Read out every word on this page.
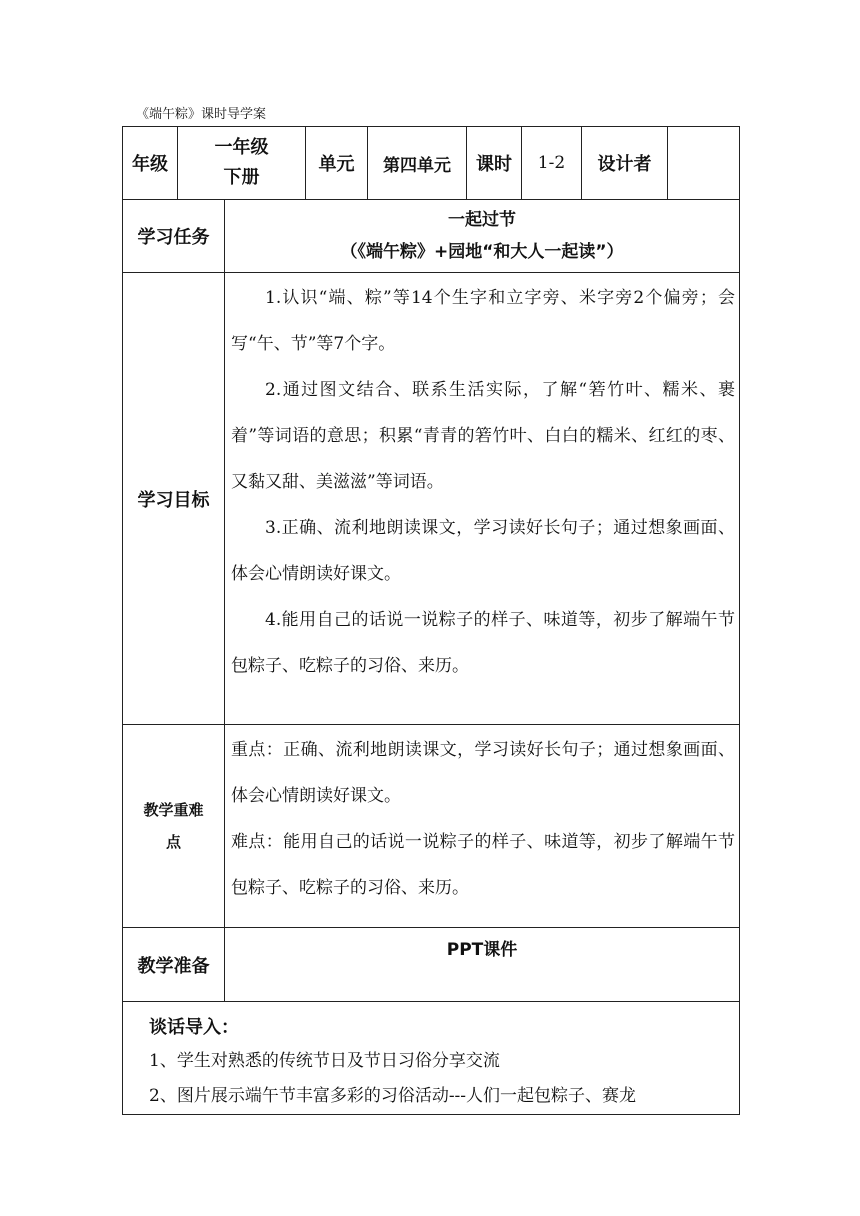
《端午粽》课时导学案
年级	一年级下册		单元	第四单元	课时	1-2	设计者	
学习任务		一起过节
（《端午粽》+园地“和大人一起读”）						

学习目标		1.认识“端、粽”等14个生字和立字旁、米字旁2个偏旁；会写“午、节”等7个字。

2.通过图文结合、联系生活实际，了解“箬竹叶、糯米、裹着”等词语的意思；积累“青青的箬竹叶、白白的糯米、红红的枣、又黏又甜、美滋滋”等词语。

3.正确、流利地朗读课文，学习读好长句子；通过想象画面、体会心情朗读好课文。

4.能用自己的话说一说粽子的样子、味道等，初步了解端午节包粽子、吃粽子的习俗、来历。						

教学重难点		重点：正确、流利地朗读课文，学习读好长句子；通过想象画面、体会心情朗读好课文。

难点：能用自己的话说一说粽子的样子、味道等，初步了解端午节包粽子、吃粽子的习俗、来历。						

教学准备		PPT课件						

谈话导入：
1、学生对熟悉的传统节日及节日习俗分享交流
2、图片展示端午节丰富多彩的习俗活动---人们一起包粽子、赛龙								
